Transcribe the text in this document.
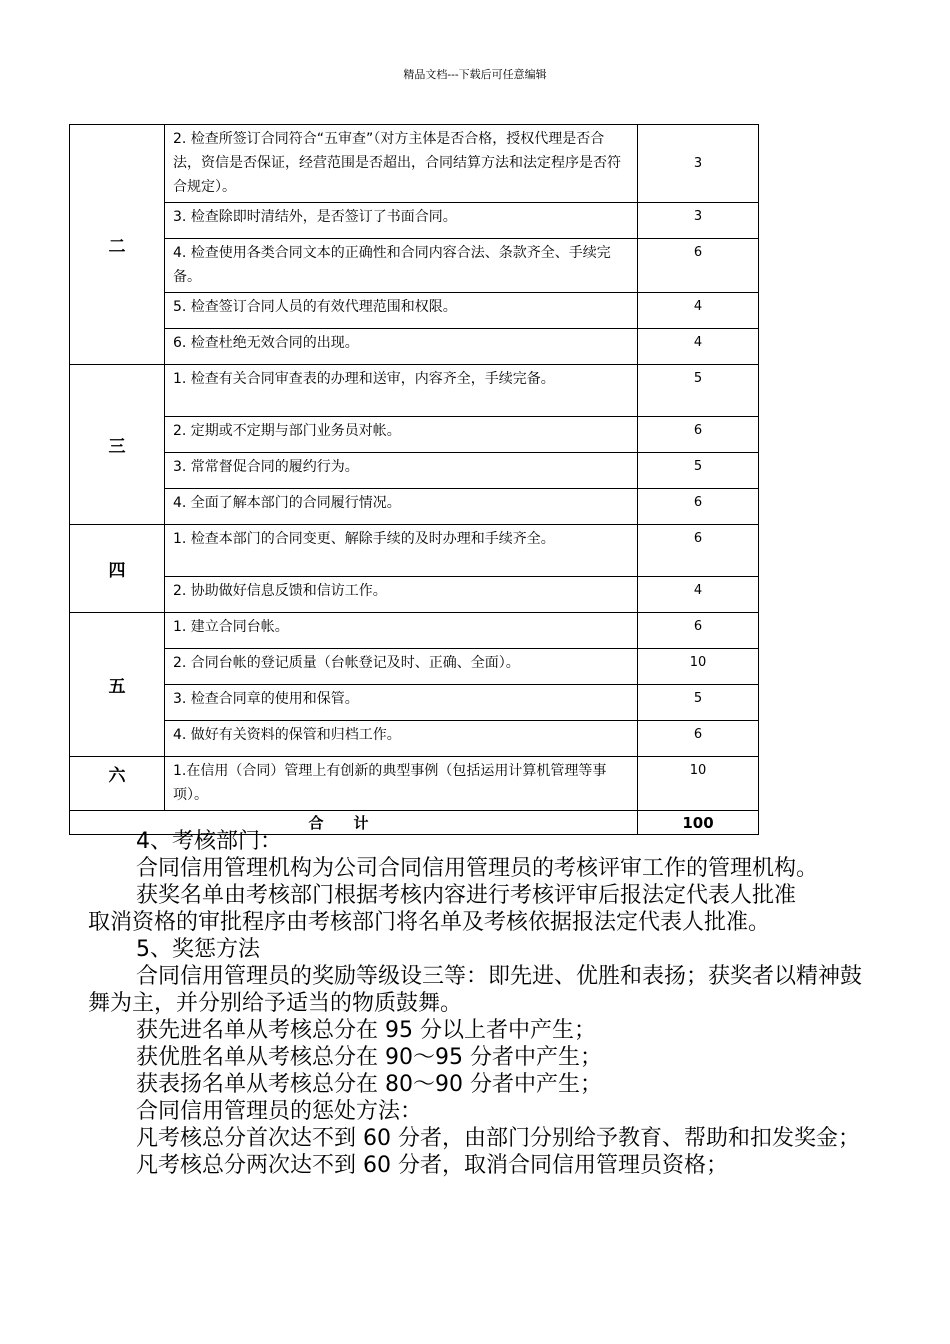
精品文档---下载后可任意编辑
二	2. 检查所签订合同符合“五审查”（对方主体是否合格，授权代理是否合法，资信是否保证，经营范围是否超出，合同结算方法和法定程序是否符合规定）。	3
	3. 检查除即时清结外，是否签订了书面合同。	3
	4. 检查使用各类合同文本的正确性和合同内容合法、条款齐全、手续完备。	6
	5. 检查签订合同人员的有效代理范围和权限。	4
	6. 检查杜绝无效合同的出现。	4
三	1. 检查有关合同审查表的办理和送审，内容齐全，手续完备。	5
	2. 定期或不定期与部门业务员对帐。	6
	3. 常常督促合同的履约行为。	5
	4. 全面了解本部门的合同履行情况。	6
四	1. 检查本部门的合同变更、解除手续的及时办理和手续齐全。	6
	2. 协助做好信息反馈和信访工作。	4
五	1. 建立合同台帐。	6
	2. 合同台帐的登记质量（台帐登记及时、正确、全面）。	10
	3. 检查合同章的使用和保管。	5
	4. 做好有关资料的保管和归档工作。	6
六	1.在信用（合同）管理上有创新的典型事例（包括运用计算机管理等事项）。	10
合计		100

4、考核部门：

合同信用管理机构为公司合同信用管理员的考核评审工作的管理机构。

获奖名单由考核部门根据考核内容进行考核评审后报法定代表人批准

取消资格的审批程序由考核部门将名单及考核依据报法定代表人批准。

5、奖惩方法

合同信用管理员的奖励等级设三等：即先进、优胜和表扬；获奖者以精神鼓舞为主，并分别给予适当的物质鼓舞。

获先进名单从考核总分在 95 分以上者中产生；

获优胜名单从考核总分在 90～95 分者中产生；

获表扬名单从考核总分在 80～90 分者中产生；

合同信用管理员的惩处方法：

凡考核总分首次达不到 60 分者，由部门分别给予教育、帮助和扣发奖金；

凡考核总分两次达不到 60 分者，取消合同信用管理员资格；
